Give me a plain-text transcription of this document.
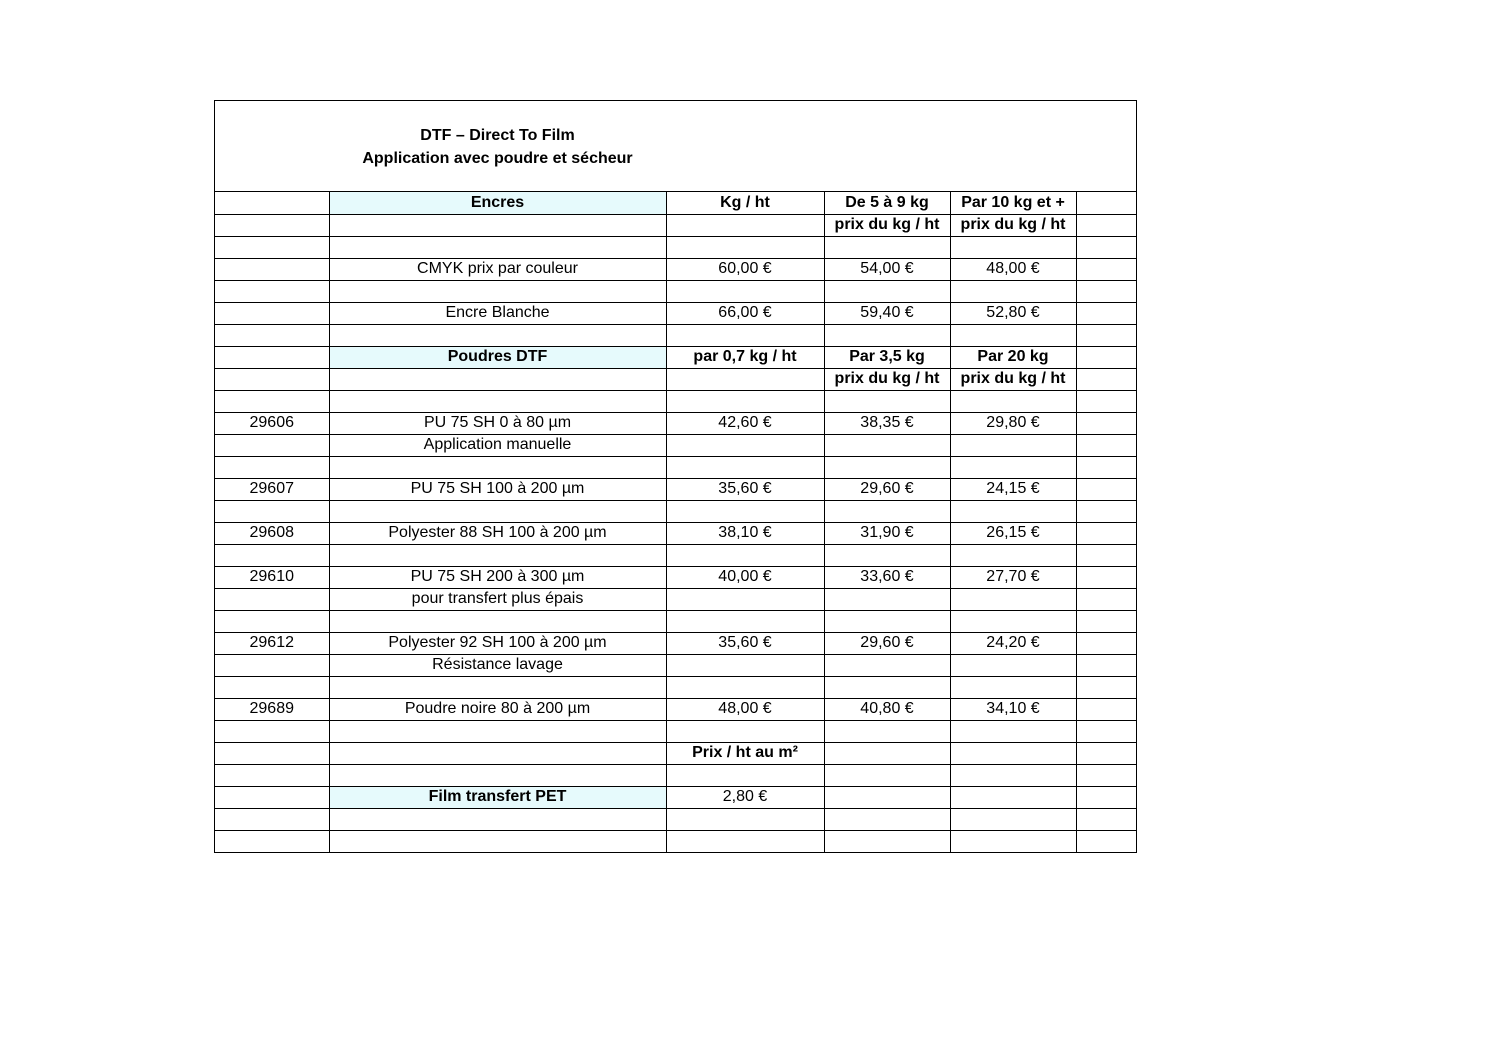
DTF – Direct To Film
Application avec poudre et sécheur
	Encres	Kg / ht	De 5 à 9 kg	Par 10 kg et +	
			prix du kg / ht	prix du kg / ht	

	CMYK prix par couleur	60,00 €	54,00 €	48,00 €	

	Encre Blanche	66,00 €	59,40 €	52,80 €	

	Poudres DTF	par 0,7 kg / ht	Par 3,5 kg	Par 20 kg	
			prix du kg / ht	prix du kg / ht	

29606	PU 75 SH 0 à 80 µm	42,60 €	38,35 €	29,80 €	
	Application manuelle				

29607	PU 75 SH 100 à 200 µm	35,60 €	29,60 €	24,15 €	

29608	Polyester 88 SH 100 à 200 µm	38,10 €	31,90 €	26,15 €	

29610	PU 75 SH 200 à 300 µm	40,00 €	33,60 €	27,70 €	
	pour transfert plus épais				

29612	Polyester 92 SH 100 à 200 µm	35,60 €	29,60 €	24,20 €	
	Résistance lavage				

29689	Poudre noire 80 à 200 µm	48,00 €	40,80 €	34,10 €	

		Prix / ht au m²			

	Film transfert PET	2,80 €			
